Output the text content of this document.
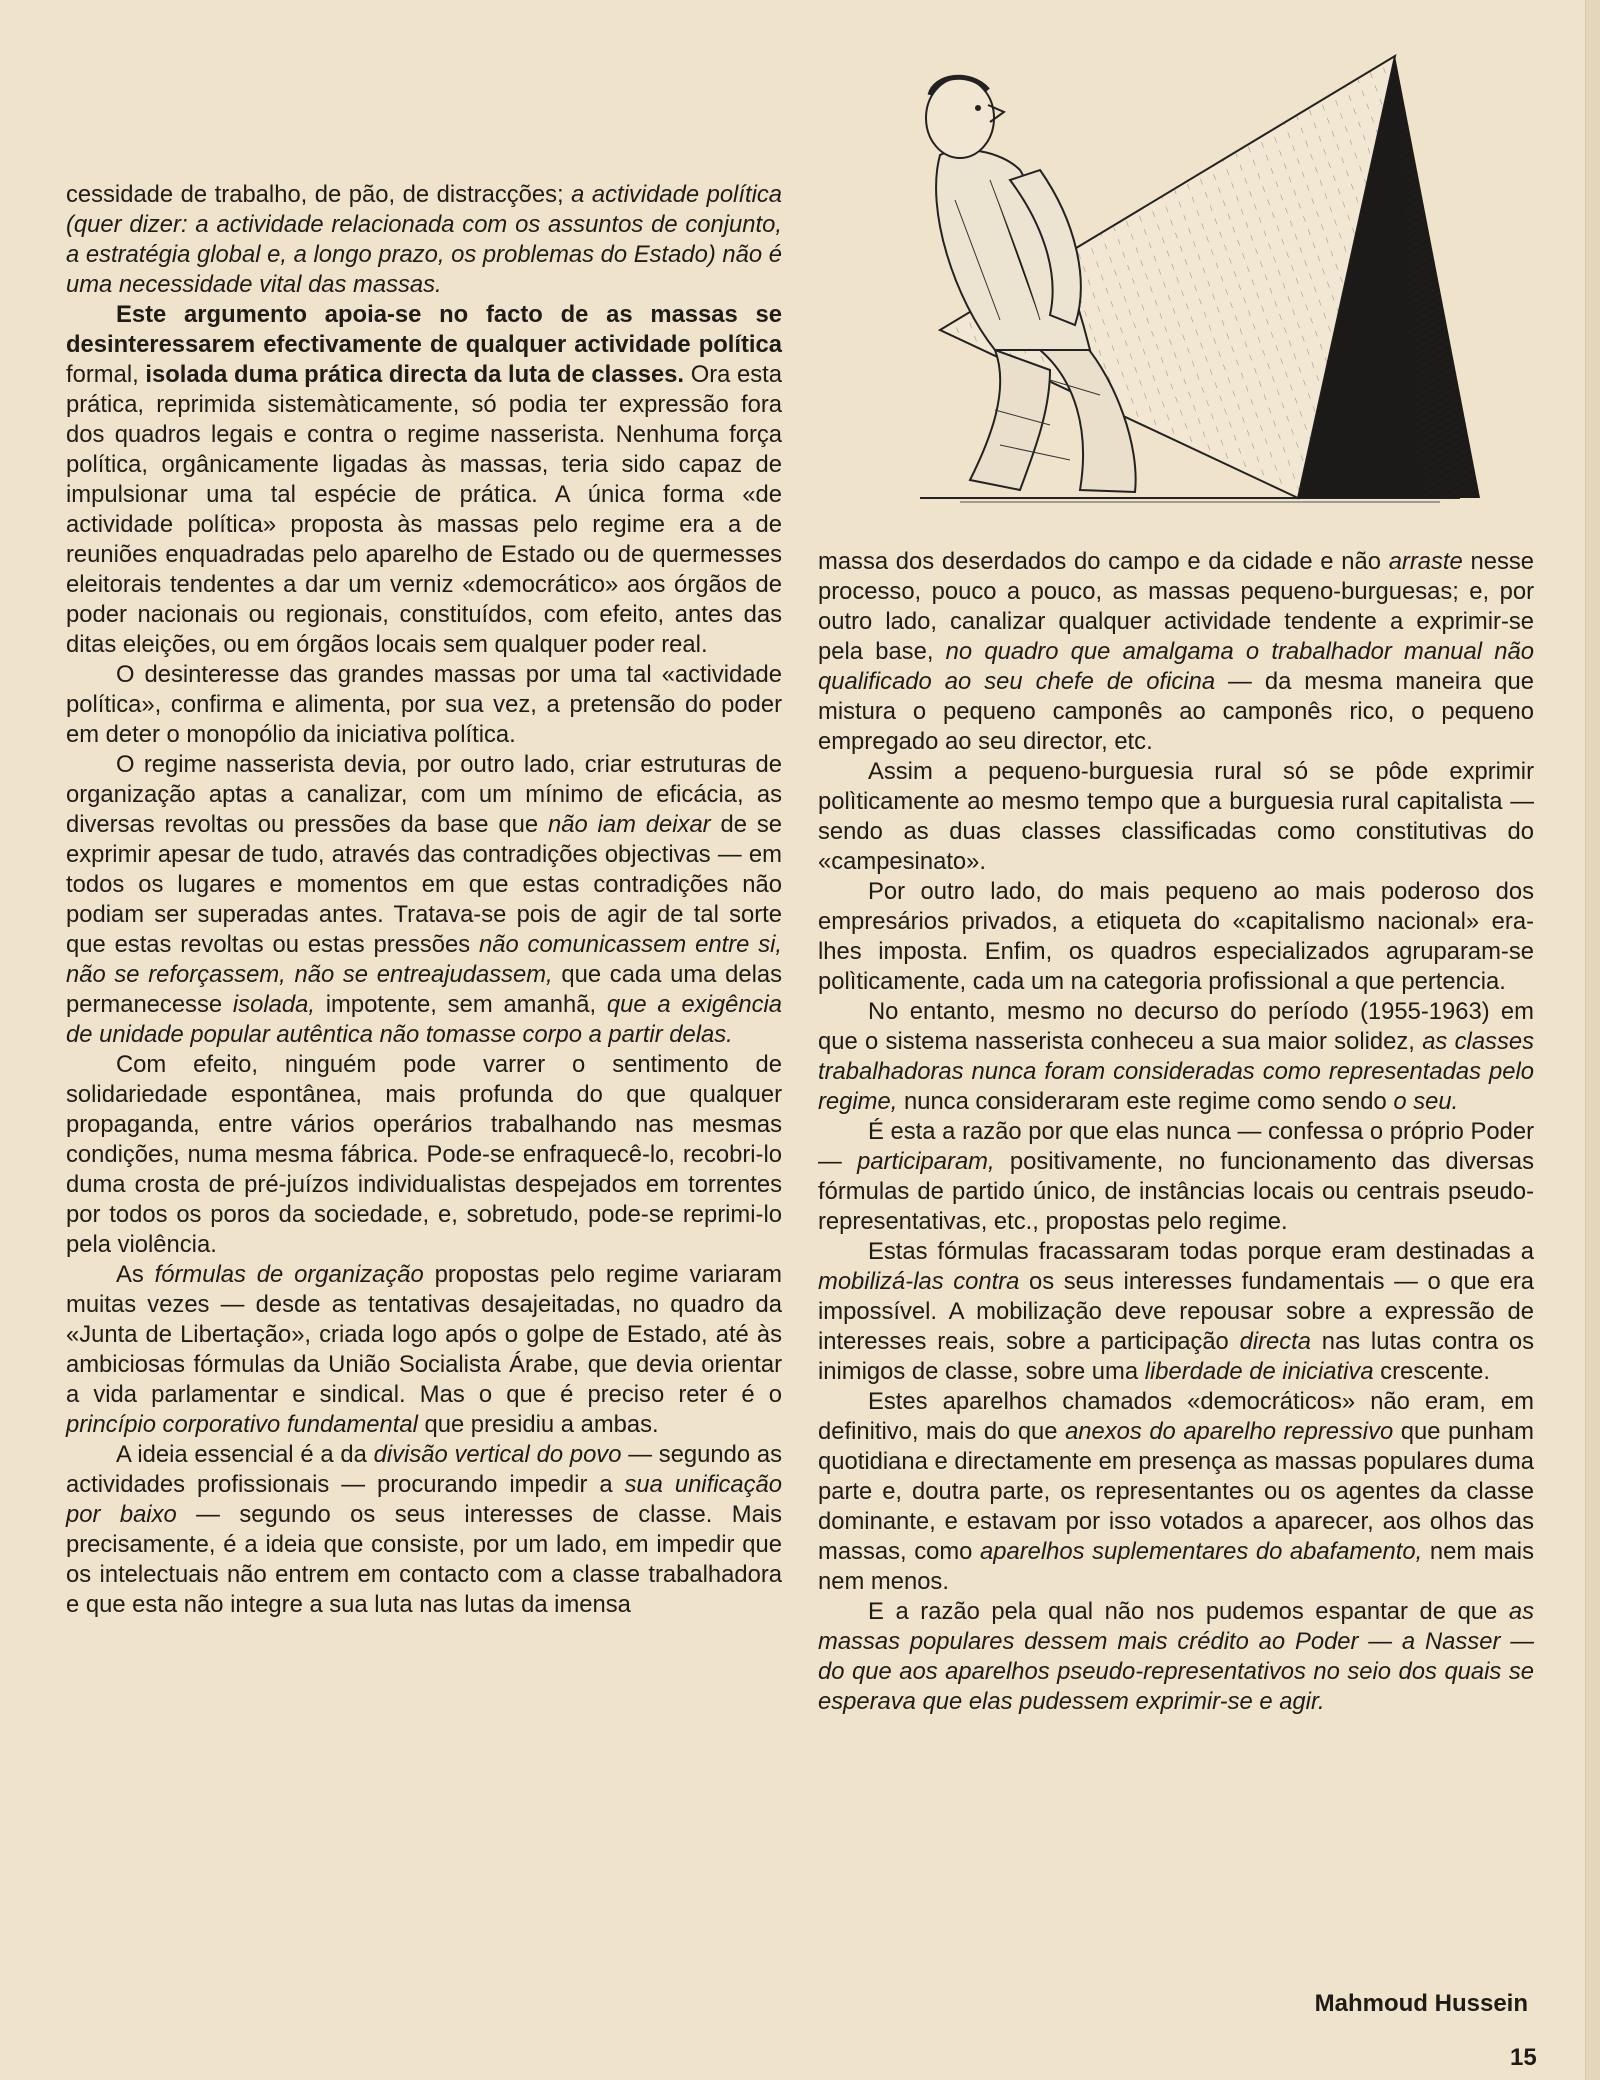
cessidade de trabalho, de pão, de distracções; a actividade política (quer dizer: a actividade relacionada com os assuntos de conjunto, a estratégia global e, a longo prazo, os problemas do Estado) não é uma necessidade vital das massas.

Este argumento apoia-se no facto de as massas se desinteressarem efectivamente de qualquer actividade política formal, isolada duma prática directa da luta de classes. Ora esta prática, reprimida sistemàticamente, só podia ter expressão fora dos quadros legais e contra o regime nasserista. Nenhuma força política, orgânicamente ligadas às massas, teria sido capaz de impulsionar uma tal espécie de prática. A única forma «de actividade política» proposta às massas pelo regime era a de reuniões enquadradas pelo aparelho de Estado ou de quermesses eleitorais tendentes a dar um verniz «democrático» aos órgãos de poder nacionais ou regionais, constituídos, com efeito, antes das ditas eleições, ou em órgãos locais sem qualquer poder real.

O desinteresse das grandes massas por uma tal «actividade política», confirma e alimenta, por sua vez, a pretensão do poder em deter o monopólio da iniciativa política.

O regime nasserista devia, por outro lado, criar estruturas de organização aptas a canalizar, com um mínimo de eficácia, as diversas revoltas ou pressões da base que não iam deixar de se exprimir apesar de tudo, através das contradições objectivas — em todos os lugares e momentos em que estas contradições não podiam ser superadas antes. Tratava-se pois de agir de tal sorte que estas revoltas ou estas pressões não comunicassem entre si, não se reforçassem, não se entreajudassem, que cada uma delas permanecesse isolada, impotente, sem amanhã, que a exigência de unidade popular autêntica não tomasse corpo a partir delas.

Com efeito, ninguém pode varrer o sentimento de solidariedade espontânea, mais profunda do que qualquer propaganda, entre vários operários trabalhando nas mesmas condições, numa mesma fábrica. Pode-se enfraquecê-lo, recobri-lo duma crosta de pré-juízos individualistas despejados em torrentes por todos os poros da sociedade, e, sobretudo, pode-se reprimi-lo pela violência.

As fórmulas de organização propostas pelo regime variaram muitas vezes — desde as tentativas desajeitadas, no quadro da «Junta de Libertação», criada logo após o golpe de Estado, até às ambiciosas fórmulas da União Socialista Árabe, que devia orientar a vida parlamentar e sindical. Mas o que é preciso reter é o princípio corporativo fundamental que presidiu a ambas.

A ideia essencial é a da divisão vertical do povo — segundo as actividades profissionais — procurando impedir a sua unificação por baixo — segundo os seus interesses de classe. Mais precisamente, é a ideia que consiste, por um lado, em impedir que os intelectuais não entrem em contacto com a classe trabalhadora e que esta não integre a sua luta nas lutas da imensa

massa dos deserdados do campo e da cidade e não arraste nesse processo, pouco a pouco, as massas pequeno-burguesas; e, por outro lado, canalizar qualquer actividade tendente a exprimir-se pela base, no quadro que amalgama o trabalhador manual não qualificado ao seu chefe de oficina — da mesma maneira que mistura o pequeno camponês ao camponês rico, o pequeno empregado ao seu director, etc.

Assim a pequeno-burguesia rural só se pôde exprimir polìticamente ao mesmo tempo que a burguesia rural capitalista — sendo as duas classes classificadas como constitutivas do «campesinato».

Por outro lado, do mais pequeno ao mais poderoso dos empresários privados, a etiqueta do «capitalismo nacional» era-lhes imposta. Enfim, os quadros especializados agruparam-se polìticamente, cada um na categoria profissional a que pertencia.

No entanto, mesmo no decurso do período (1955-1963) em que o sistema nasserista conheceu a sua maior solidez, as classes trabalhadoras nunca foram consideradas como representadas pelo regime, nunca consideraram este regime como sendo o seu.

É esta a razão por que elas nunca — confessa o próprio Poder — participaram, positivamente, no funcionamento das diversas fórmulas de partido único, de instâncias locais ou centrais pseudo-representativas, etc., propostas pelo regime.

Estas fórmulas fracassaram todas porque eram destinadas a mobilizá-las contra os seus interesses fundamentais — o que era impossível. A mobilização deve repousar sobre a expressão de interesses reais, sobre a participação directa nas lutas contra os inimigos de classe, sobre uma liberdade de iniciativa crescente.

Estes aparelhos chamados «democráticos» não eram, em definitivo, mais do que anexos do aparelho repressivo que punham quotidiana e directamente em presença as massas populares duma parte e, doutra parte, os representantes ou os agentes da classe dominante, e estavam por isso votados a aparecer, aos olhos das massas, como aparelhos suplementares do abafamento, nem mais nem menos.

E a razão pela qual não nos pudemos espantar de que as massas populares dessem mais crédito ao Poder — a Nasser — do que aos aparelhos pseudo-representativos no seio dos quais se esperava que elas pudessem exprimir-se e agir.

Mahmoud Hussein
15
